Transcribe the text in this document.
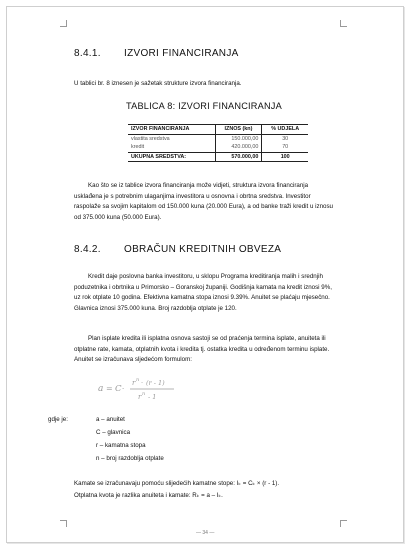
8.4.1. IZVORI FINANCIRANJA
U tablici br. 8 iznesen je sažetak strukture izvora financiranja.
TABLICA 8: IZVORI FINANCIRANJA
IZVOR FINANCIRANJA	IZNOS (kn)	% UDJELA
vlastita sredstva	150.000,00	30
kredit	420.000,00	70
UKUPNA SREDSTVA:	570.000,00	100

Kao što se iz tablice izvora financiranja može vidjeti, struktura izvora financiranja

usklađena je s potrebnim ulaganjima investitora u osnovna i obrtna sredstva. Investitor

raspolaže sa svojim kapitalom od 150.000 kuna (20.000 Eura), a od banke traži kredit u iznosu

od 375.000 kuna (50.000 Eura).

8.4.2. OBRAČUN KREDITNIH OBVEZA

Kredit daje poslovna banka investitoru, u sklopu Programa kreditiranja malih i srednjih

poduzetnika i obrtnika u Primorsko – Goranskoj županiji. Godišnja kamata na kredit iznosi 9%,

uz rok otplate 10 godina. Efektivna kamatna stopa iznosi 9.39%. Anuitet se plaćaju mjesečno.

Glavnica iznosi 375.000 kuna. Broj razdoblja otplate je 120.

Plan isplate kredita ili isplatna osnova sastoji se od praćenja termina isplate, anuiteta ili

otplatne rate, kamata, otplatnih kvota i kredita tj. ostatka kredita u određenom terminu isplate.

Anuitet se izračunava sljedećom formulom:

a = C ·
r n · (r - 1)
r n - 1
gdje je:	a – anuitet
C – glavnica
r – kamatna stopa
n – broj razdoblja otplate
Kamate se izračunavaju pomoću slijedećih kamatne stope: Iₖ = Cₖ × (r - 1).
Otplatna kvota je razlika anuiteta i kamate: Rₖ = a – Iₖ.
— 34 —
